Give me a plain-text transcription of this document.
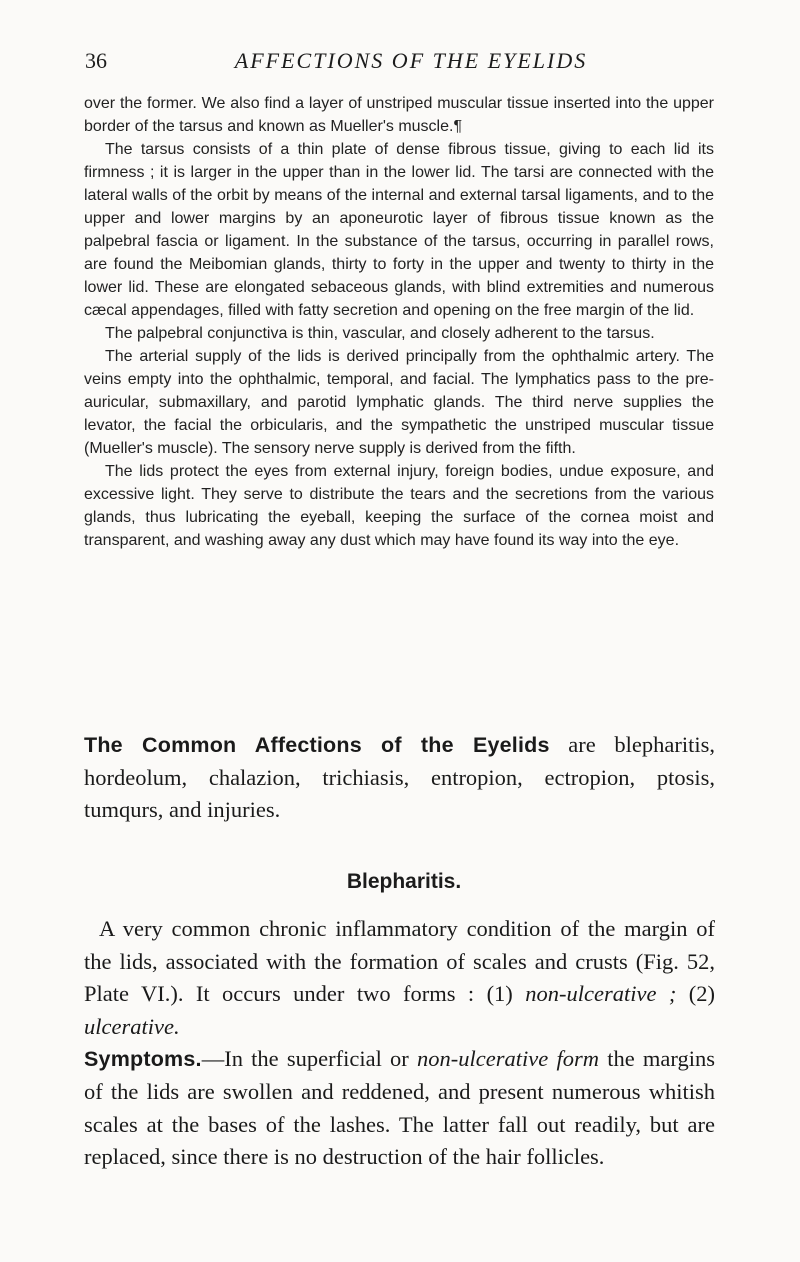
36	AFFECTIONS OF THE EYELIDS

over the former. We also find a layer of unstriped muscular tissue inserted into the upper border of the tarsus and known as Mueller's muscle.¶

The tarsus consists of a thin plate of dense fibrous tissue, giving to each lid its firmness ; it is larger in the upper than in the lower lid. The tarsi are connected with the lateral walls of the orbit by means of the internal and external tarsal ligaments, and to the upper and lower margins by an aponeurotic layer of fibrous tissue known as the palpebral fascia or ligament. In the substance of the tarsus, occurring in parallel rows, are found the Meibomian glands, thirty to forty in the upper and twenty to thirty in the lower lid. These are elongated sebaceous glands, with blind extremities and numerous cæcal appendages, filled with fatty secretion and opening on the free margin of the lid.

The palpebral conjunctiva is thin, vascular, and closely adherent to the tarsus.

The arterial supply of the lids is derived principally from the ophthalmic artery. The veins empty into the ophthalmic, temporal, and facial. The lymphatics pass to the pre-auricular, submaxillary, and parotid lymphatic glands. The third nerve supplies the levator, the facial the orbicularis, and the sympathetic the unstriped muscular tissue (Mueller's muscle). The sensory nerve supply is derived from the fifth.

The lids protect the eyes from external injury, foreign bodies, undue exposure, and excessive light. They serve to distribute the tears and the secretions from the various glands, thus lubricating the eyeball, keeping the surface of the cornea moist and transparent, and washing away any dust which may have found its way into the eye.

The Common Affections of the Eyelids are blepharitis, hordeolum, chalazion, trichiasis, entropion, ectropion, ptosis, tumqurs, and injuries.

Blepharitis.

A very common chronic inflammatory condition of the margin of the lids, associated with the formation of scales and crusts (Fig. 52, Plate VI.). It occurs under two forms : (1) non-ulcerative ; (2) ulcerative.

Symptoms.—In the superficial or non-ulcerative form the margins of the lids are swollen and reddened, and present numerous whitish scales at the bases of the lashes. The latter fall out readily, but are replaced, since there is no destruction of the hair follicles.
